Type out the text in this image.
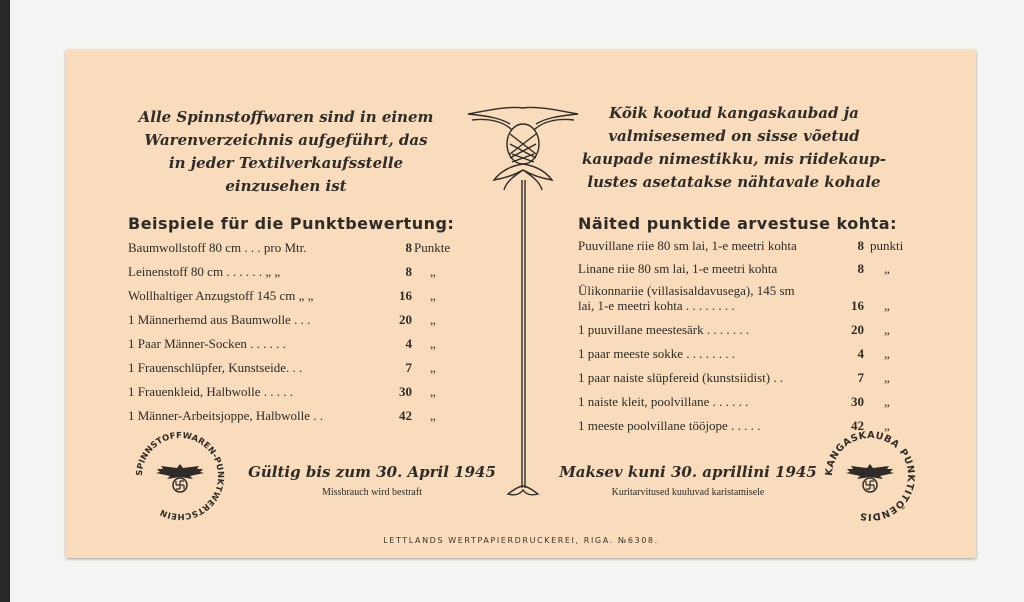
Alle Spinnstoffwaren sind in einem
Warenverzeichnis aufgeführt, das
in jeder Textilverkaufsstelle
einzusehen ist
Beispiele für die Punktbewertung:
Baumwollstoff 80 cm . . . pro Mtr.	8 Punkte
Leinenstoff 80 cm . . . . . . „ „	8 „
Wollhaltiger Anzugstoff 145 cm „ „	16 „
1 Männerhemd aus Baumwolle . . .	20 „
1 Paar Männer-Socken . . . . . .	4 „
1 Frauenschlüpfer, Kunstseide. . .	7 „
1 Frauenkleid, Halbwolle . . . . .	30 „
1 Männer-Arbeitsjoppe, Halbwolle . .	42 „
SPINNSTOFFWAREN-PUNKTWERTSCHEIN
Gültig bis zum 30. April 1945
Missbrauch wird bestraft
Kõik kootud kangaskaubad ja
valmisesemed on sisse võetud
kaupade nimestikku, mis riidekaup-
lustes asetatakse nähtavale kohale
Näited punktide arvestuse kohta:
Puuvillane riie 80 sm lai, 1-e meetri kohta	8 punkti
Linane riie 80 sm lai, 1-e meetri kohta	8 „
Ülikonnariie (villasisaldavusega), 145 sm
lai, 1-e meetri kohta . . . . . . . .	16 „
1 puuvillane meestesärk . . . . . . .	20 „
1 paar meeste sokke . . . . . . . .	4 „
1 paar naiste slüpfereid (kunstsiidist) . .	7 „
1 naiste kleit, poolvillane . . . . . .	30 „
1 meeste poolvillane tööjope . . . . .	42 „
Maksev kuni 30. aprillini 1945
Kuritarvitused kuuluvad karistamisele
KANGASKAUBA PUNKTITÕENDIS
LETTLANDS WERTPAPIERDRUCKEREI, RIGA. №6308.
